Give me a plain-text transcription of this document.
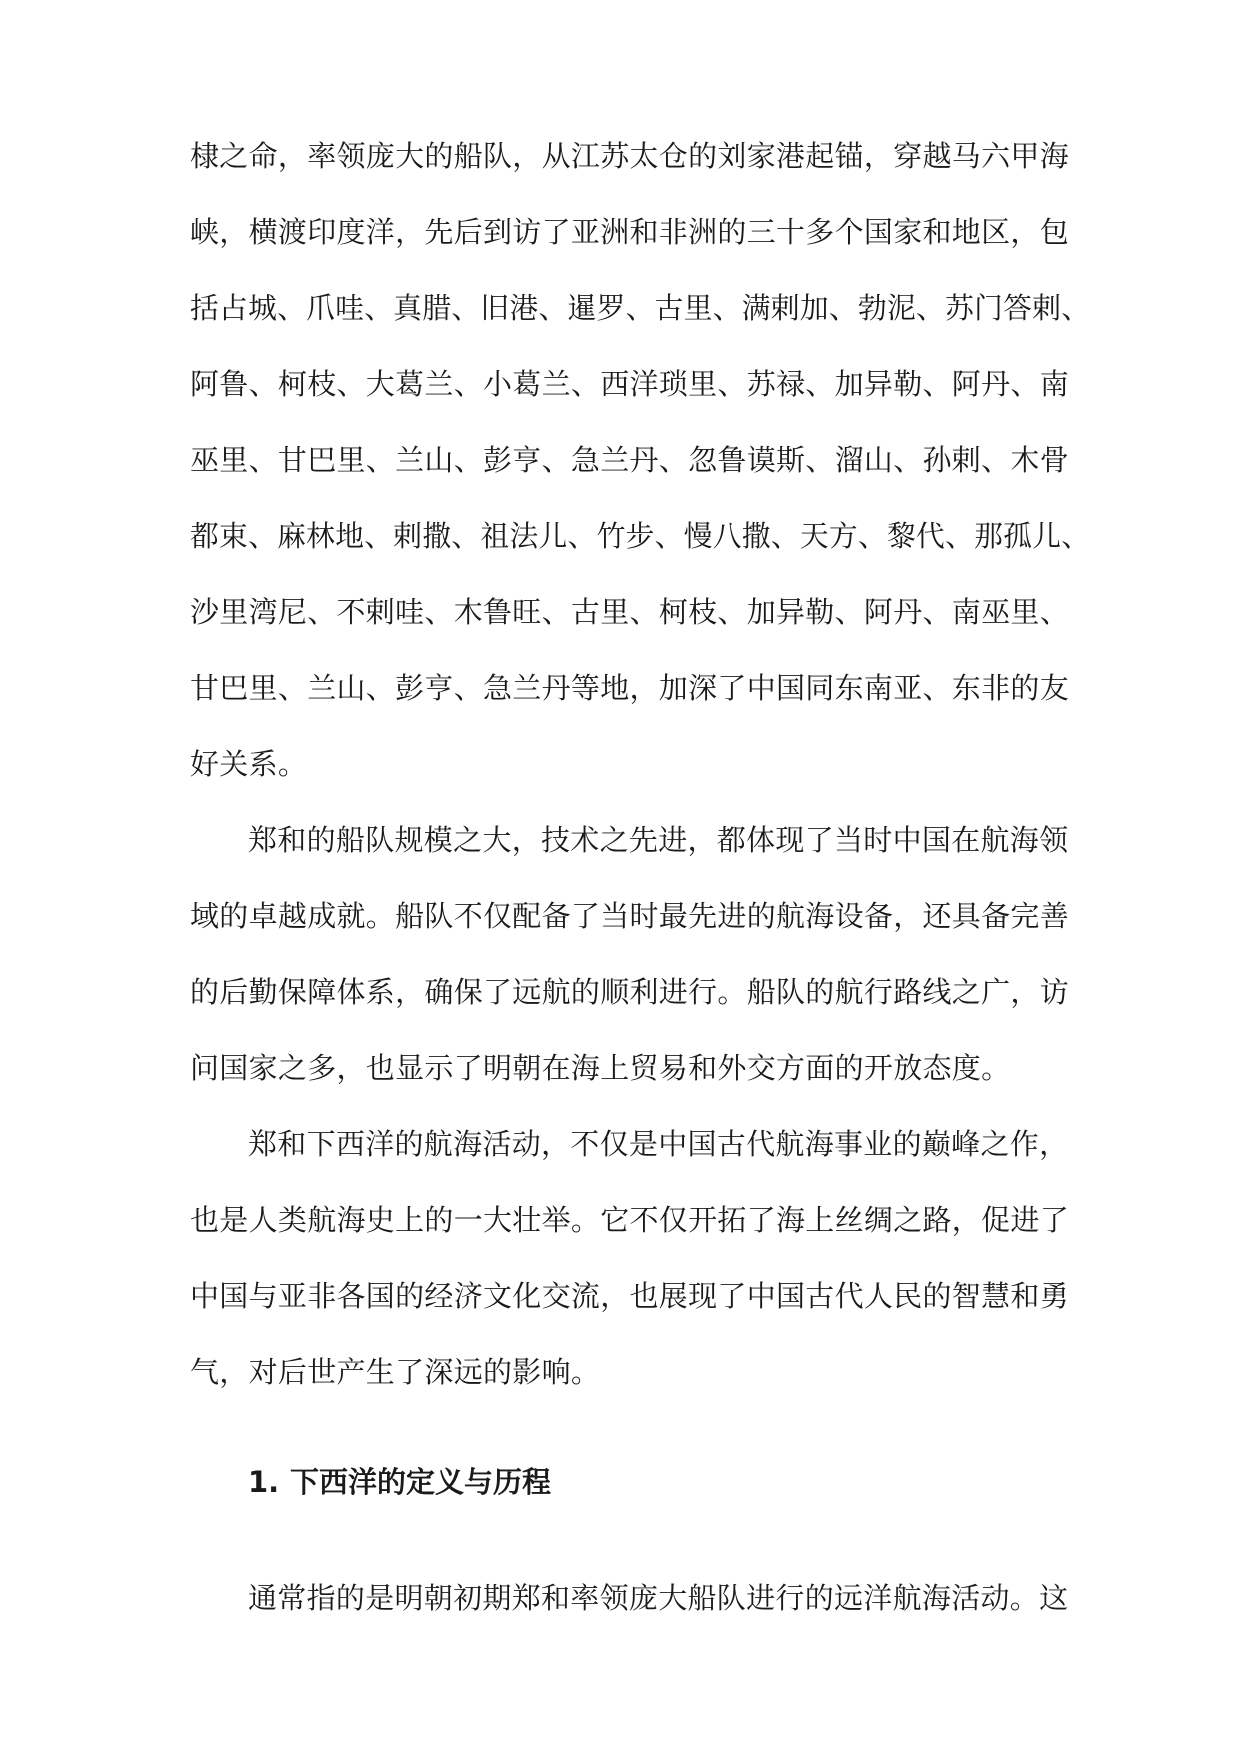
棣之命，率领庞大的船队，从江苏太仓的刘家港起锚，穿越马六甲海
峡，横渡印度洋，先后到访了亚洲和非洲的三十多个国家和地区，包
括占城、爪哇、真腊、旧港、暹罗、古里、满剌加、勃泥、苏门答剌、
阿鲁、柯枝、大葛兰、小葛兰、西洋琐里、苏禄、加异勒、阿丹、南
巫里、甘巴里、兰山、彭亨、急兰丹、忽鲁谟斯、溜山、孙剌、木骨
都束、麻林地、剌撒、祖法儿、竹步、慢八撒、天方、黎代、那孤儿、
沙里湾尼、不剌哇、木鲁旺、古里、柯枝、加异勒、阿丹、南巫里、
甘巴里、兰山、彭亨、急兰丹等地，加深了中国同东南亚、东非的友
好关系。
郑和的船队规模之大，技术之先进，都体现了当时中国在航海领
域的卓越成就。船队不仅配备了当时最先进的航海设备，还具备完善
的后勤保障体系，确保了远航的顺利进行。船队的航行路线之广，访
问国家之多，也显示了明朝在海上贸易和外交方面的开放态度。
郑和下西洋的航海活动，不仅是中国古代航海事业的巅峰之作，
也是人类航海史上的一大壮举。它不仅开拓了海上丝绸之路，促进了
中国与亚非各国的经济文化交流，也展现了中国古代人民的智慧和勇
气，对后世产生了深远的影响。
1. 下西洋的定义与历程
通常指的是明朝初期郑和率领庞大船队进行的远洋航海活动。这
